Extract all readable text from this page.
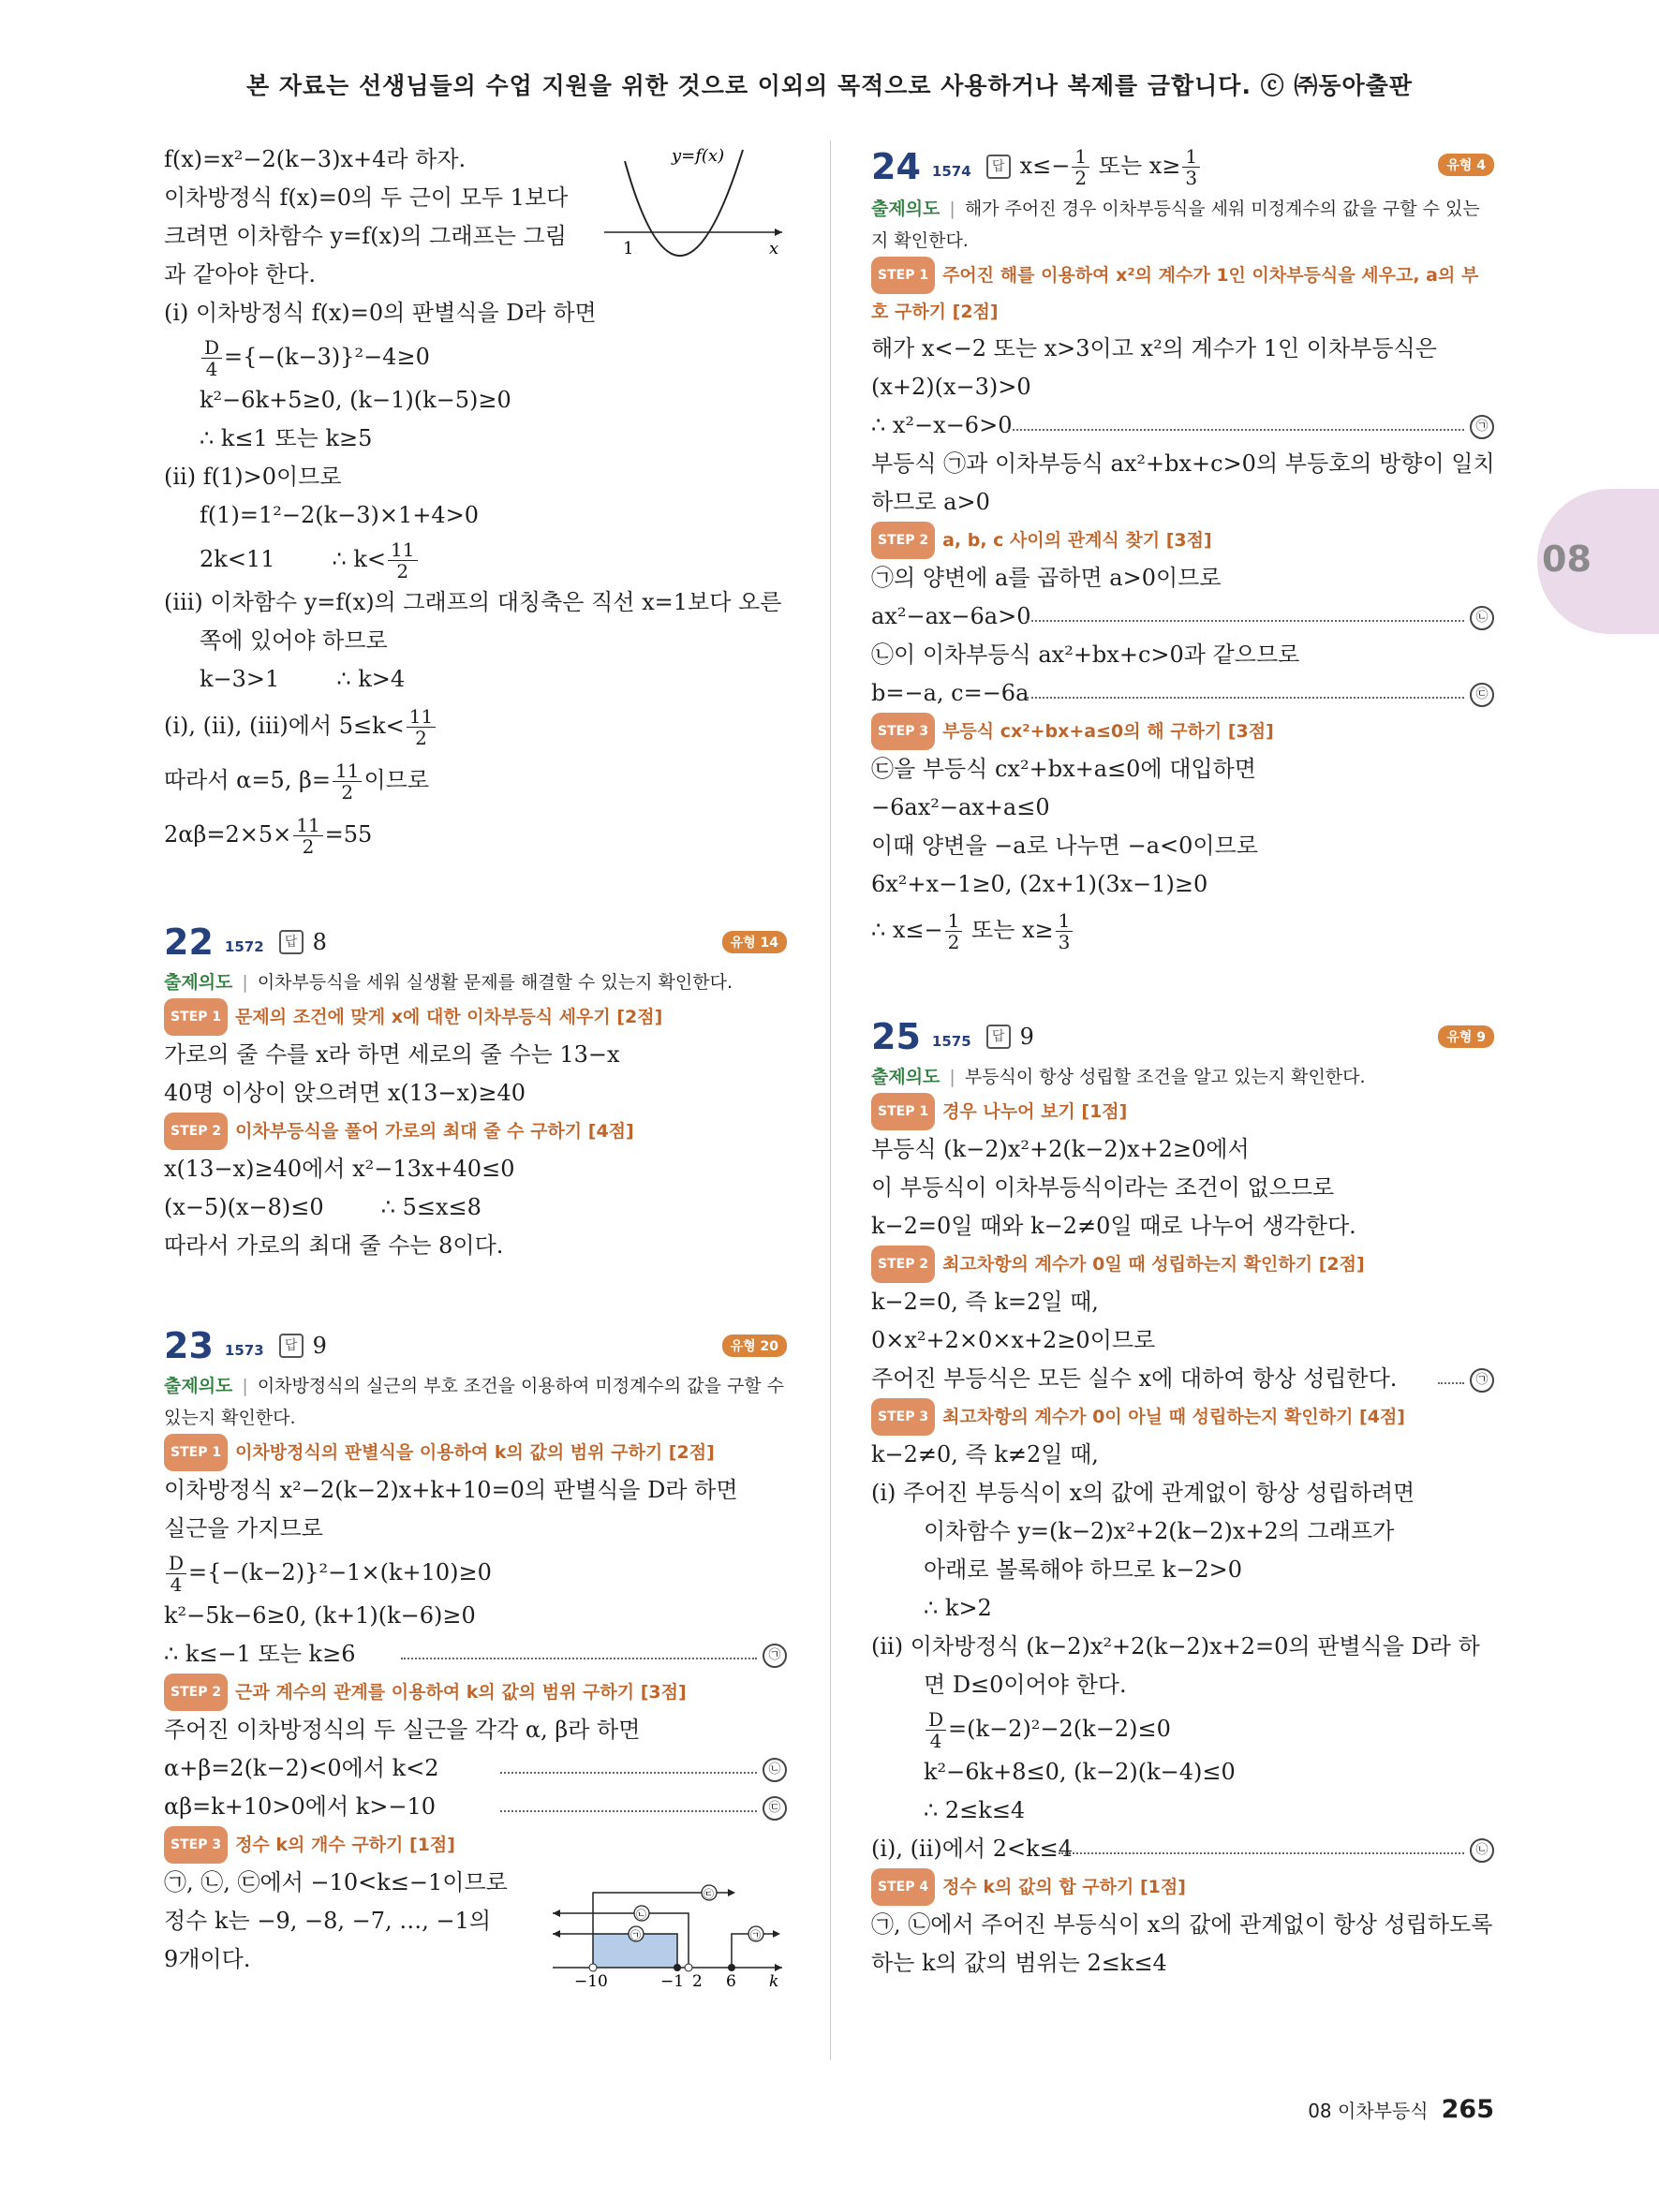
본 자료는 선생님들의 수업 지원을 위한 것으로 이외의 목적으로 사용하거나 복제를 금합니다. ⓒ ㈜동아출판
08
y=f(x)
1	x
f(x)=x²−2(k−3)x+4라 하자.
이차방정식 f(x)=0의 두 근이 모두 1보다
크려면 이차함수 y=f(x)의 그래프는 그림
과 같아야 한다.
(ⅰ) 이차방정식 f(x)=0의 판별식을 D라 하면
$\frac{D}{4} =\{-(k-3)\}^2-4\ge 0$
k²−6k+5≥0, (k−1)(k−5)≥0
∴ k≤1 또는 k≥5
(ⅱ) f(1)>0이므로
f(1)=1²−2(k−3)×1+4>0
2k<11        ∴ $k< \frac{11}{2}$
(ⅲ) 이차함수 y=f(x)의 그래프의 대칭축은 직선 x=1보다 오른
쪽에 있어야 하므로
k−3>1        ∴ k>4
(ⅰ), (ⅱ), (ⅲ)에서 $5\le k< \frac{11}{2}$
따라서 α=5, $\beta= \frac{11}{2}$ 이므로
$2\alpha\beta=2\times 5\times \frac{11}{2} =55$
22 1572	답 8	유형 14
출제의도 | 이차부등식을 세워 실생활 문제를 해결할 수 있는지 확인한다.
STEP 1 문제의 조건에 맞게 x에 대한 이차부등식 세우기 [2점]
가로의 줄 수를 x라 하면 세로의 줄 수는 13−x
40명 이상이 앉으려면 x(13−x)≥40
STEP 2 이차부등식을 풀어 가로의 최대 줄 수 구하기 [4점]
x(13−x)≥40에서 x²−13x+40≤0
(x−5)(x−8)≤0        ∴ 5≤x≤8
따라서 가로의 최대 줄 수는 8이다.
23 1573	답 9	유형 20
출제의도 | 이차방정식의 실근의 부호 조건을 이용하여 미정계수의 값을 구할 수 있는지 확인한다.
STEP 1 이차방정식의 판별식을 이용하여 k의 값의 범위 구하기 [2점]
이차방정식 x²−2(k−2)x+k+10=0의 판별식을 D라 하면
실근을 가지므로
$\frac{D}{4} =\{-(k-2)\}^2-1\times(k+10)\ge 0$
k²−5k−6≥0, (k+1)(k−6)≥0
∴ k≤−1 또는 k≥6	㉠
STEP 2 근과 계수의 관계를 이용하여 k의 값의 범위 구하기 [3점]
주어진 이차방정식의 두 실근을 각각 α, β라 하면
α+β=2(k−2)<0에서 k<2	㉡
αβ=k+10>0에서 k>−10	㉢
STEP 3 정수 k의 개수 구하기 [1점]
㉠, ㉡, ㉢에서 −10<k≤−1이므로
정수 k는 −9, −8, −7, …, −1의
9개이다.
㉢
㉡
㉠	㉠
−10	−1 2 6 k
24 1574	답 $x\le- \frac{1}{2}$ 또는 $x\ge \frac{1}{3}$	유형 4
출제의도 | 해가 주어진 경우 이차부등식을 세워 미정계수의 값을 구할 수 있는지 확인한다.
STEP 1 주어진 해를 이용하여 x²의 계수가 1인 이차부등식을 세우고, a의 부호 구하기 [2점]
해가 x<−2 또는 x>3이고 x²의 계수가 1인 이차부등식은
(x+2)(x−3)>0
∴ x²−x−6>0	㉠
부등식 ㉠과 이차부등식 ax²+bx+c>0의 부등호의 방향이 일치
하므로 a>0
STEP 2 a, b, c 사이의 관계식 찾기 [3점]
㉠의 양변에 a를 곱하면 a>0이므로
ax²−ax−6a>0	㉡
㉡이 이차부등식 ax²+bx+c>0과 같으므로
b=−a, c=−6a	㉢
STEP 3 부등식 cx²+bx+a≤0의 해 구하기 [3점]
㉢을 부등식 cx²+bx+a≤0에 대입하면
−6ax²−ax+a≤0
이때 양변을 −a로 나누면 −a<0이므로
6x²+x−1≥0, (2x+1)(3x−1)≥0
∴ $x\le- \frac{1}{2}$ 또는 $x\ge \frac{1}{3}$
25 1575	답 9	유형 9
출제의도 | 부등식이 항상 성립할 조건을 알고 있는지 확인한다.
STEP 1 경우 나누어 보기 [1점]
부등식 (k−2)x²+2(k−2)x+2≥0에서
이 부등식이 이차부등식이라는 조건이 없으므로
k−2=0일 때와 k−2≠0일 때로 나누어 생각한다.
STEP 2 최고차항의 계수가 0일 때 성립하는지 확인하기 [2점]
k−2=0, 즉 k=2일 때,
0×x²+2×0×x+2≥0이므로
주어진 부등식은 모든 실수 x에 대하여 항상 성립한다.	㉠
STEP 3 최고차항의 계수가 0이 아닐 때 성립하는지 확인하기 [4점]
k−2≠0, 즉 k≠2일 때,
(ⅰ) 주어진 부등식이 x의 값에 관계없이 항상 성립하려면
이차함수 y=(k−2)x²+2(k−2)x+2의 그래프가
아래로 볼록해야 하므로 k−2>0
∴ k>2
(ⅱ) 이차방정식 (k−2)x²+2(k−2)x+2=0의 판별식을 D라 하
면 D≤0이어야 한다.
$\frac{D}{4} =(k-2)^2-2(k-2)\le 0$
k²−6k+8≤0, (k−2)(k−4)≤0
∴ 2≤k≤4
(ⅰ), (ⅱ)에서 2<k≤4	㉡
STEP 4 정수 k의 값의 합 구하기 [1점]
㉠, ㉡에서 주어진 부등식이 x의 값에 관계없이 항상 성립하도록
하는 k의 값의 범위는 2≤k≤4
08 이차부등식 265
